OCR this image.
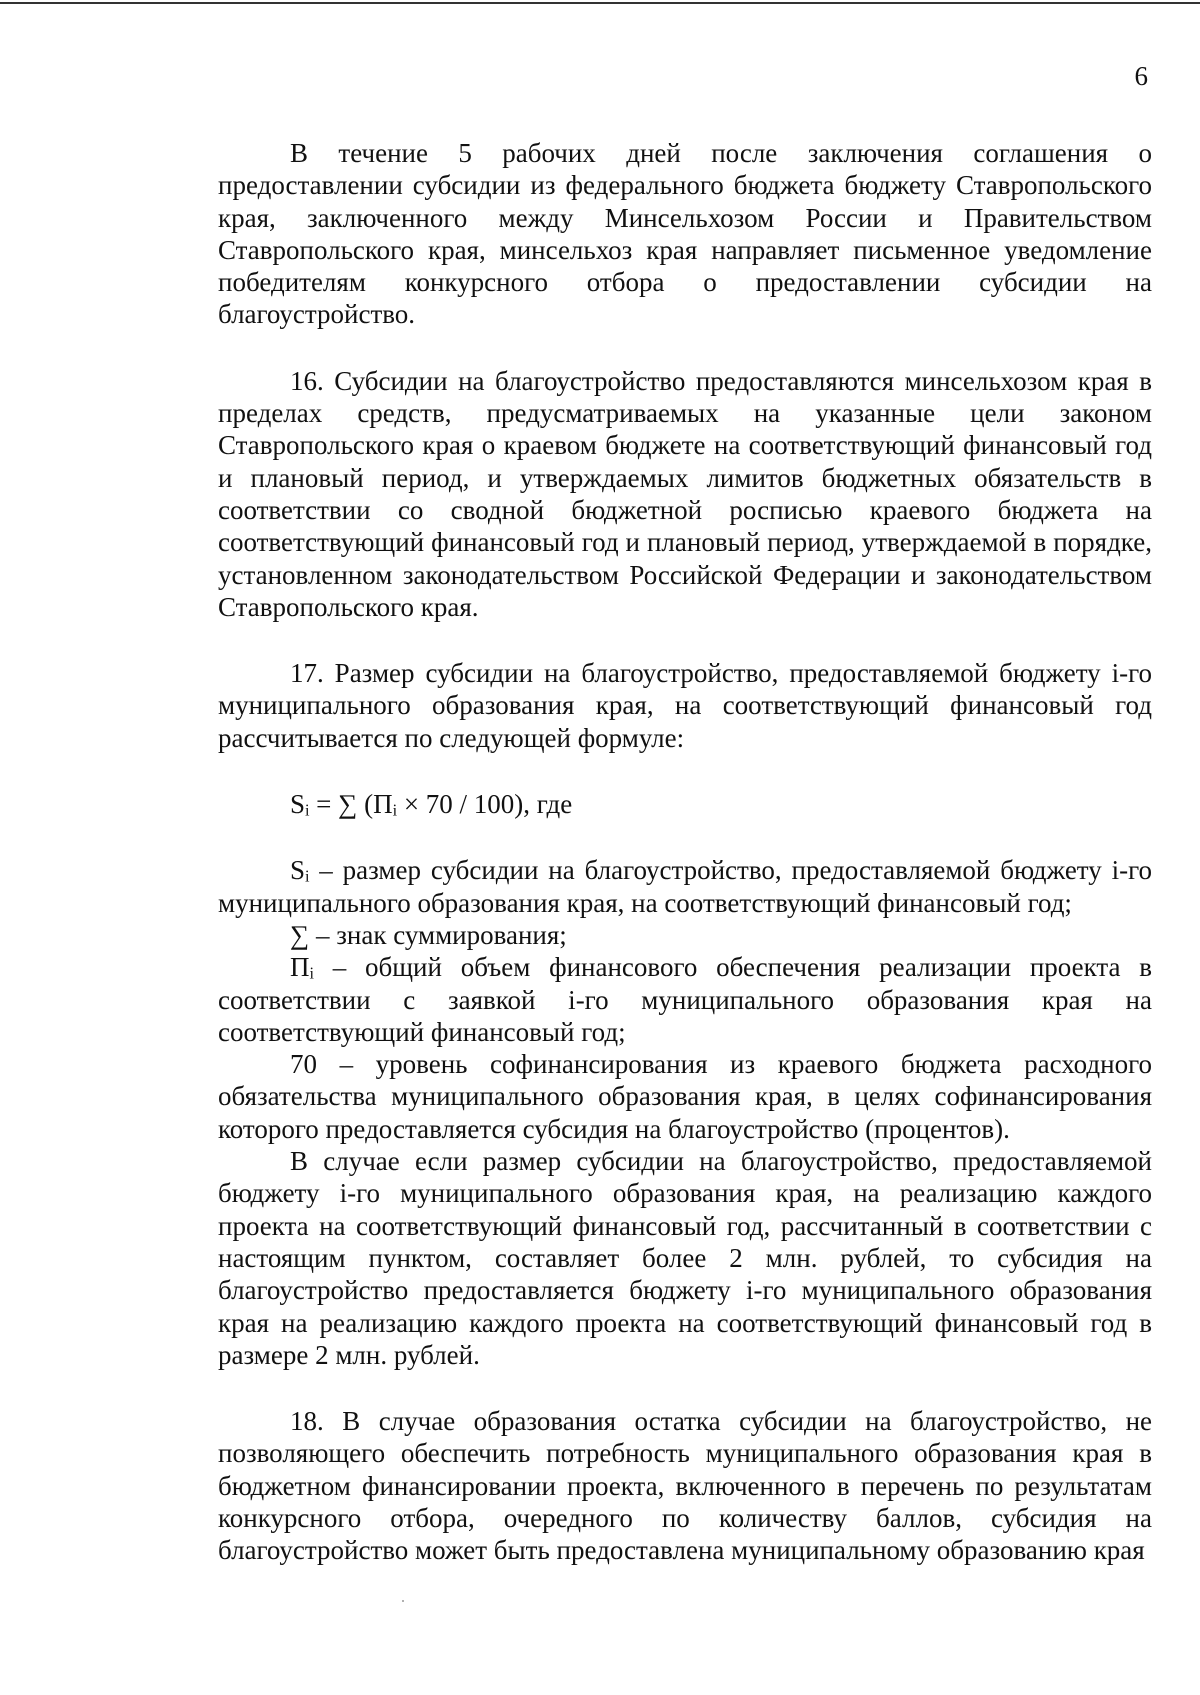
6

В течение 5 рабочих дней после заключения соглашения о предоставлении субсидии из федерального бюджета бюджету Ставропольского края, заключенного между Минсельхозом России и Правительством Ставропольского края, минсельхоз края направляет письменное уведомление победителям конкурсного отбора о предоставлении субсидии на благоустройство.

16. Субсидии на благоустройство предоставляются минсельхозом края в пределах средств, предусматриваемых на указанные цели законом Ставропольского края о краевом бюджете на соответствующий финансовый год и плановый период, и утверждаемых лимитов бюджетных обязательств в соответствии со сводной бюджетной росписью краевого бюджета на соответствующий финансовый год и плановый период, утверждаемой в порядке, установленном законодательством Российской Федерации и законодательством Ставропольского края.

17. Размер субсидии на благоустройство, предоставляемой бюджету i-го муниципального образования края, на соответствующий финансовый год рассчитывается по следующей формуле:

Sᵢ = ∑ (Пᵢ × 70 / 100), где

Sᵢ – размер субсидии на благоустройство, предоставляемой бюджету i-го муниципального образования края, на соответствующий финансовый год;

∑ – знак суммирования;

Пᵢ – общий объем финансового обеспечения реализации проекта в соответствии с заявкой i-го муниципального образования края на соответствующий финансовый год;

70 – уровень софинансирования из краевого бюджета расходного обязательства муниципального образования края, в целях софинансирования которого предоставляется субсидия на благоустройство (процентов).

В случае если размер субсидии на благоустройство, предоставляемой бюджету i-го муниципального образования края, на реализацию каждого проекта на соответствующий финансовый год, рассчитанный в соответствии с настоящим пунктом, составляет более 2 млн. рублей, то субсидия на благоустройство предоставляется бюджету i-го муниципального образования края на реализацию каждого проекта на соответствующий финансовый год в размере 2 млн. рублей.

18. В случае образования остатка субсидии на благоустройство, не позволяющего обеспечить потребность муниципального образования края в бюджетном финансировании проекта, включенного в перечень по результатам конкурсного отбора, очередного по количеству баллов, субсидия на благоустройство может быть предоставлена муниципальному образованию края
